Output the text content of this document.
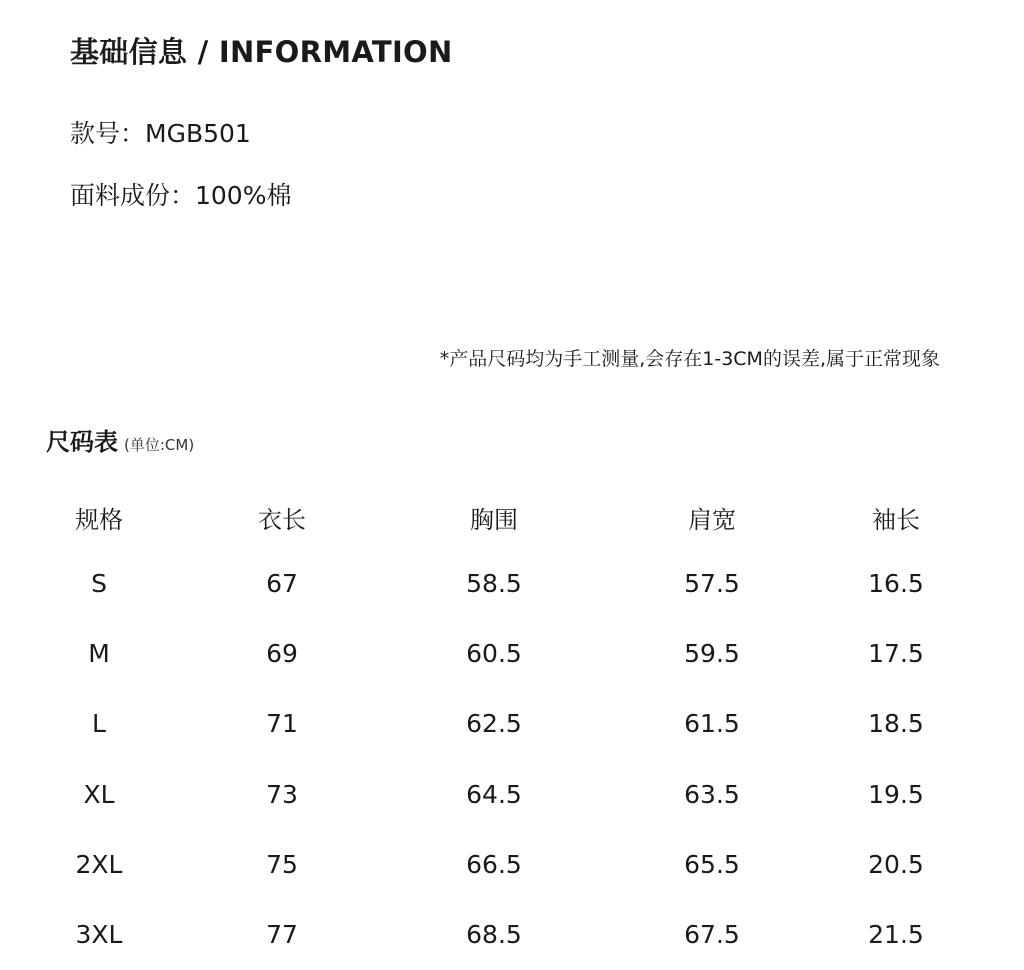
基础信息 / INFORMATION
款号：MGB501
面料成份：100%棉
*产品尺码均为手工测量,会存在1-3CM的误差,属于正常现象
尺码表 (单位:CM)
规格	衣长	胸围	肩宽	袖长
S	67	58.5	57.5	16.5
M	69	60.5	59.5	17.5
L	71	62.5	61.5	18.5
XL	73	64.5	63.5	19.5
2XL	75	66.5	65.5	20.5
3XL	77	68.5	67.5	21.5
